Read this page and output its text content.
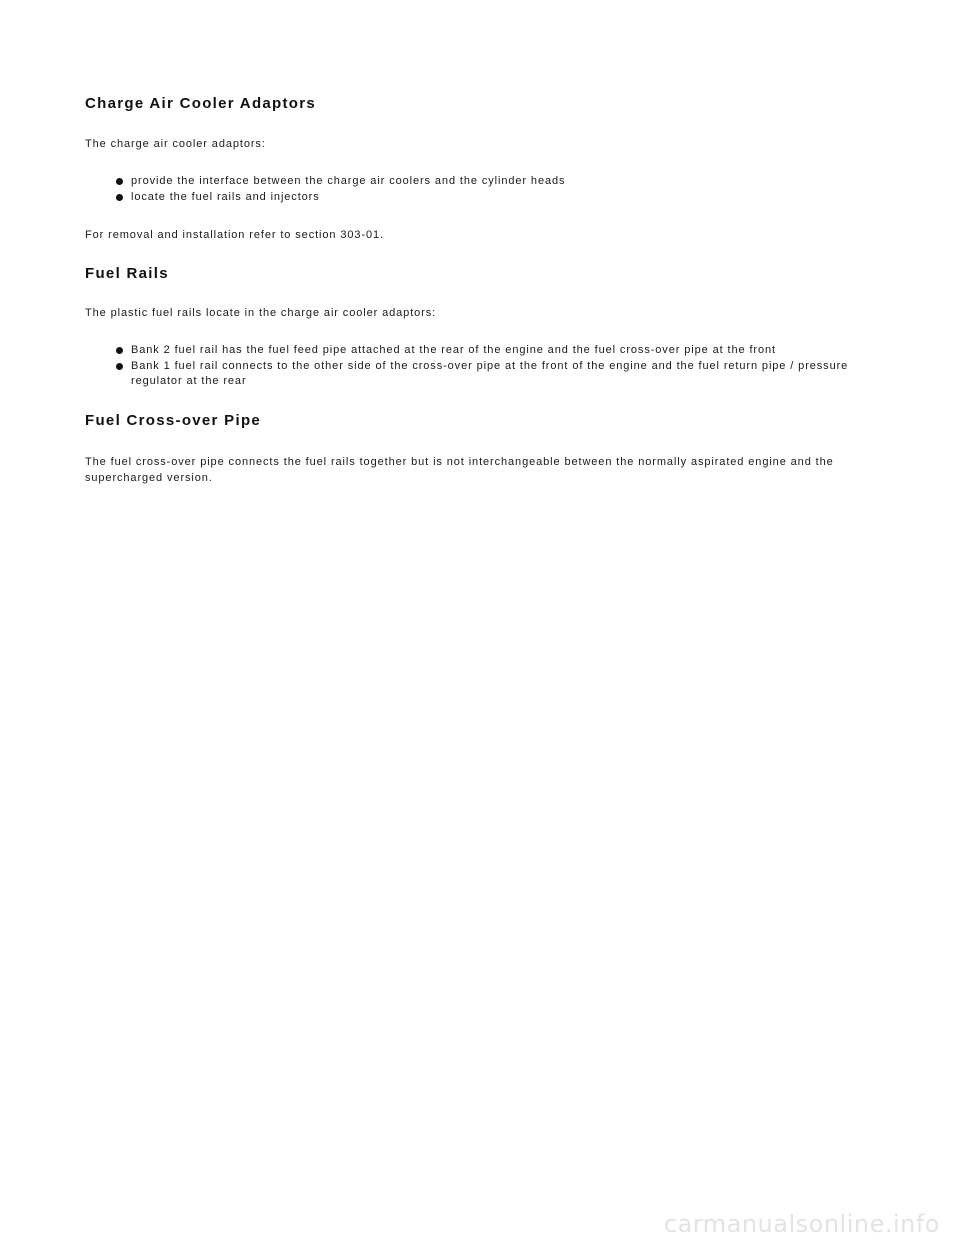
Charge Air Cooler Adaptors

The charge air cooler adaptors:

provide the interface between the charge air coolers and the cylinder heads
locate the fuel rails and injectors

For removal and installation refer to section 303-01.

Fuel Rails

The plastic fuel rails locate in the charge air cooler adaptors:

Bank 2 fuel rail has the fuel feed pipe attached at the rear of the engine and the fuel cross-over pipe at the front
Bank 1 fuel rail connects to the other side of the cross-over pipe at the front of the engine and the fuel return pipe / pressure regulator at the rear
Fuel Cross-over Pipe

The fuel cross-over pipe connects the fuel rails together but is not interchangeable between the normally aspirated engine and the supercharged version.

carmanualsonline.info
